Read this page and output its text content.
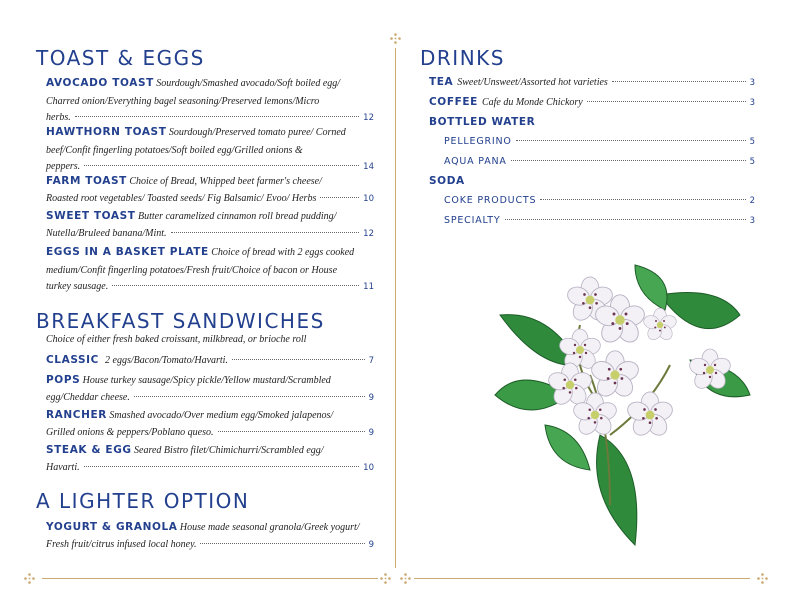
TOAST & EGGS
AVOCADO TOAST Sourdough/Smashed avocado/Soft boiled egg/ Charred onion/Everything bagel seasoning/Preserved lemons/Micro
herbs.	12
HAWTHORN TOAST Sourdough/Preserved tomato puree/ Corned beef/Confit fingerling potatoes/Soft boiled egg/Grilled onions &
peppers.	14
FARM TOAST Choice of Bread, Whipped beet farmer's cheese/
Roasted root vegetables/ Toasted seeds/ Fig Balsamic/ Evoo/ Herbs	10
SWEET TOAST Butter caramelized cinnamon roll bread pudding/
Nutella/Bruleed banana/Mint.	12
EGGS IN A BASKET PLATE Choice of bread with 2 eggs cooked medium/Confit fingerling potatoes/Fresh fruit/Choice of bacon or House
turkey sausage.	11
BREAKFAST SANDWICHES
Choice of either fresh baked croissant, milkbread, or brioche roll
CLASSIC 2 eggs/Bacon/Tomato/Havarti.	7
POPS House turkey sausage/Spicy pickle/Yellow mustard/Scrambled
egg/Cheddar cheese.	9
RANCHER Smashed avocado/Over medium egg/Smoked jalapenos/
Grilled onions & peppers/Poblano queso.	9
STEAK & EGG Seared Bistro filet/Chimichurri/Scrambled egg/
Havarti.	10
A LIGHTER OPTION
YOGURT & GRANOLA House made seasonal granola/Greek yogurt/
Fresh fruit/citrus infused local honey.	9
DRINKS
TEA Sweet/Unsweet/Assorted hot varieties	3
COFFEE Cafe du Monde Chickory	3
BOTTLED WATER
PELLEGRINO	5
AQUA PANA	5
SODA
COKE PRODUCTS	2
SPECIALTY	3
